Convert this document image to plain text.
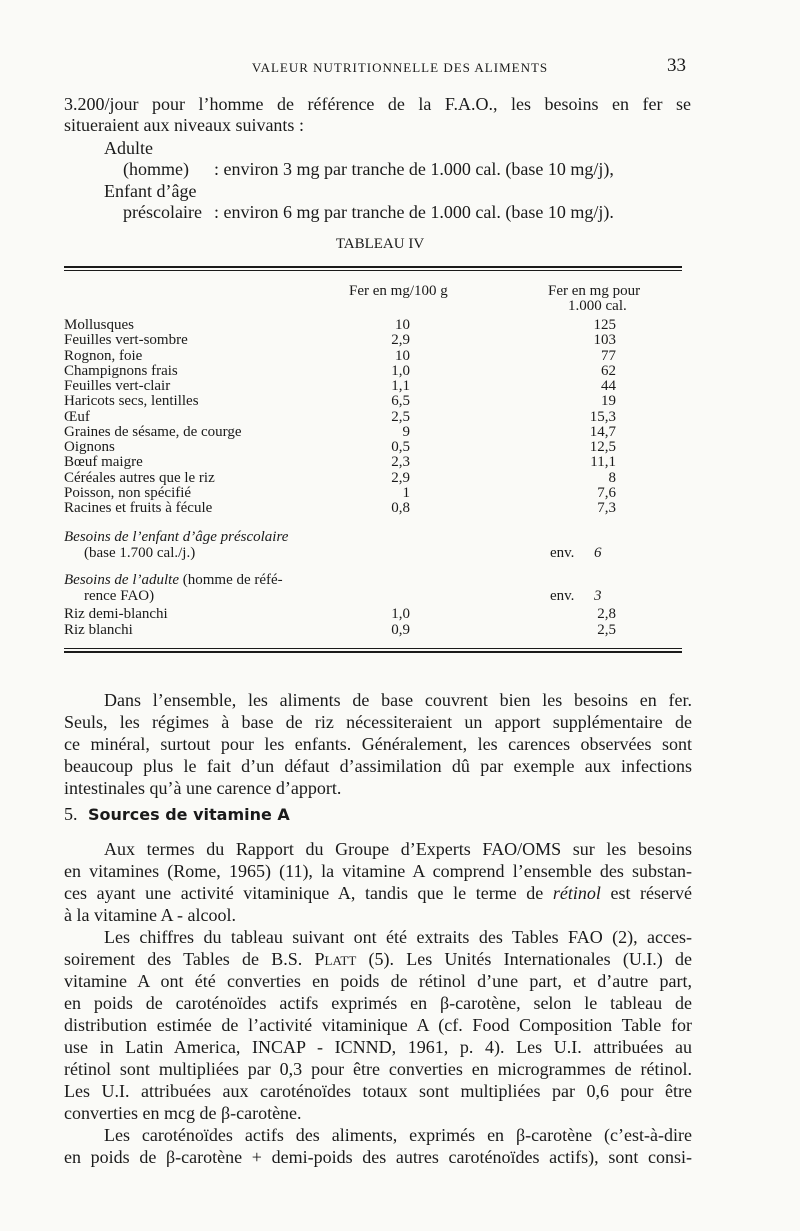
VALEUR NUTRITIONNELLE DES ALIMENTS	33
3.200/jour pour l’homme de référence de la F.A.O., les besoins en fer se
situeraient aux niveaux suivants :
Adulte
(homme) : environ 3 mg par tranche de 1.000 cal. (base 10 mg/j),
Enfant d’âge
préscolaire : environ 6 mg par tranche de 1.000 cal. (base 10 mg/j).
TABLEAU IV
Fer en mg/100 g	Fer en mg pour
1.000 cal.
Mollusques	10	125
Feuilles vert-sombre	2,9	103
Rognon, foie	10	77
Champignons frais	1,0	62
Feuilles vert-clair	1,1	44
Haricots secs, lentilles	6,5	19
Œuf	2,5	15,3
Graines de sésame, de courge	9	14,7
Oignons	0,5	12,5
Bœuf maigre	2,3	11,1
Céréales autres que le riz	2,9	8
Poisson, non spécifié	1	7,6
Racines et fruits à fécule	0,8	7,3
Besoins de l’enfant d’âge préscolaire
(base 1.700 cal./j.)	env. 6
Besoins de l’adulte (homme de réfé-
rence FAO)	env. 3
Riz demi-blanchi	1,0	2,8
Riz blanchi	0,9	2,5
Dans l’ensemble, les aliments de base couvrent bien les besoins en fer.
Seuls, les régimes à base de riz nécessiteraient un apport supplémentaire de
ce minéral, surtout pour les enfants. Généralement, les carences observées sont
beaucoup plus le fait d’un défaut d’assimilation dû par exemple aux infections
intestinales qu’à une carence d’apport.
5. Sources de vitamine A
Aux termes du Rapport du Groupe d’Experts FAO/OMS sur les besoins
en vitamines (Rome, 1965) (11), la vitamine A comprend l’ensemble des substan-
ces ayant une activité vitaminique A, tandis que le terme de rétinol est réservé
à la vitamine A - alcool.
Les chiffres du tableau suivant ont été extraits des Tables FAO (2), acces-
soirement des Tables de B.S. Platt (5). Les Unités Internationales (U.I.) de
vitamine A ont été converties en poids de rétinol d’une part, et d’autre part,
en poids de caroténoïdes actifs exprimés en β-carotène, selon le tableau de
distribution estimée de l’activité vitaminique A (cf. Food Composition Table for
use in Latin America, INCAP - ICNND, 1961, p. 4). Les U.I. attribuées au
rétinol sont multipliées par 0,3 pour être converties en microgrammes de rétinol.
Les U.I. attribuées aux caroténoïdes totaux sont multipliées par 0,6 pour être
converties en mcg de β-carotène.
Les caroténoïdes actifs des aliments, exprimés en β-carotène (c’est-à-dire
en poids de β-carotène + demi-poids des autres caroténoïdes actifs), sont consi-
